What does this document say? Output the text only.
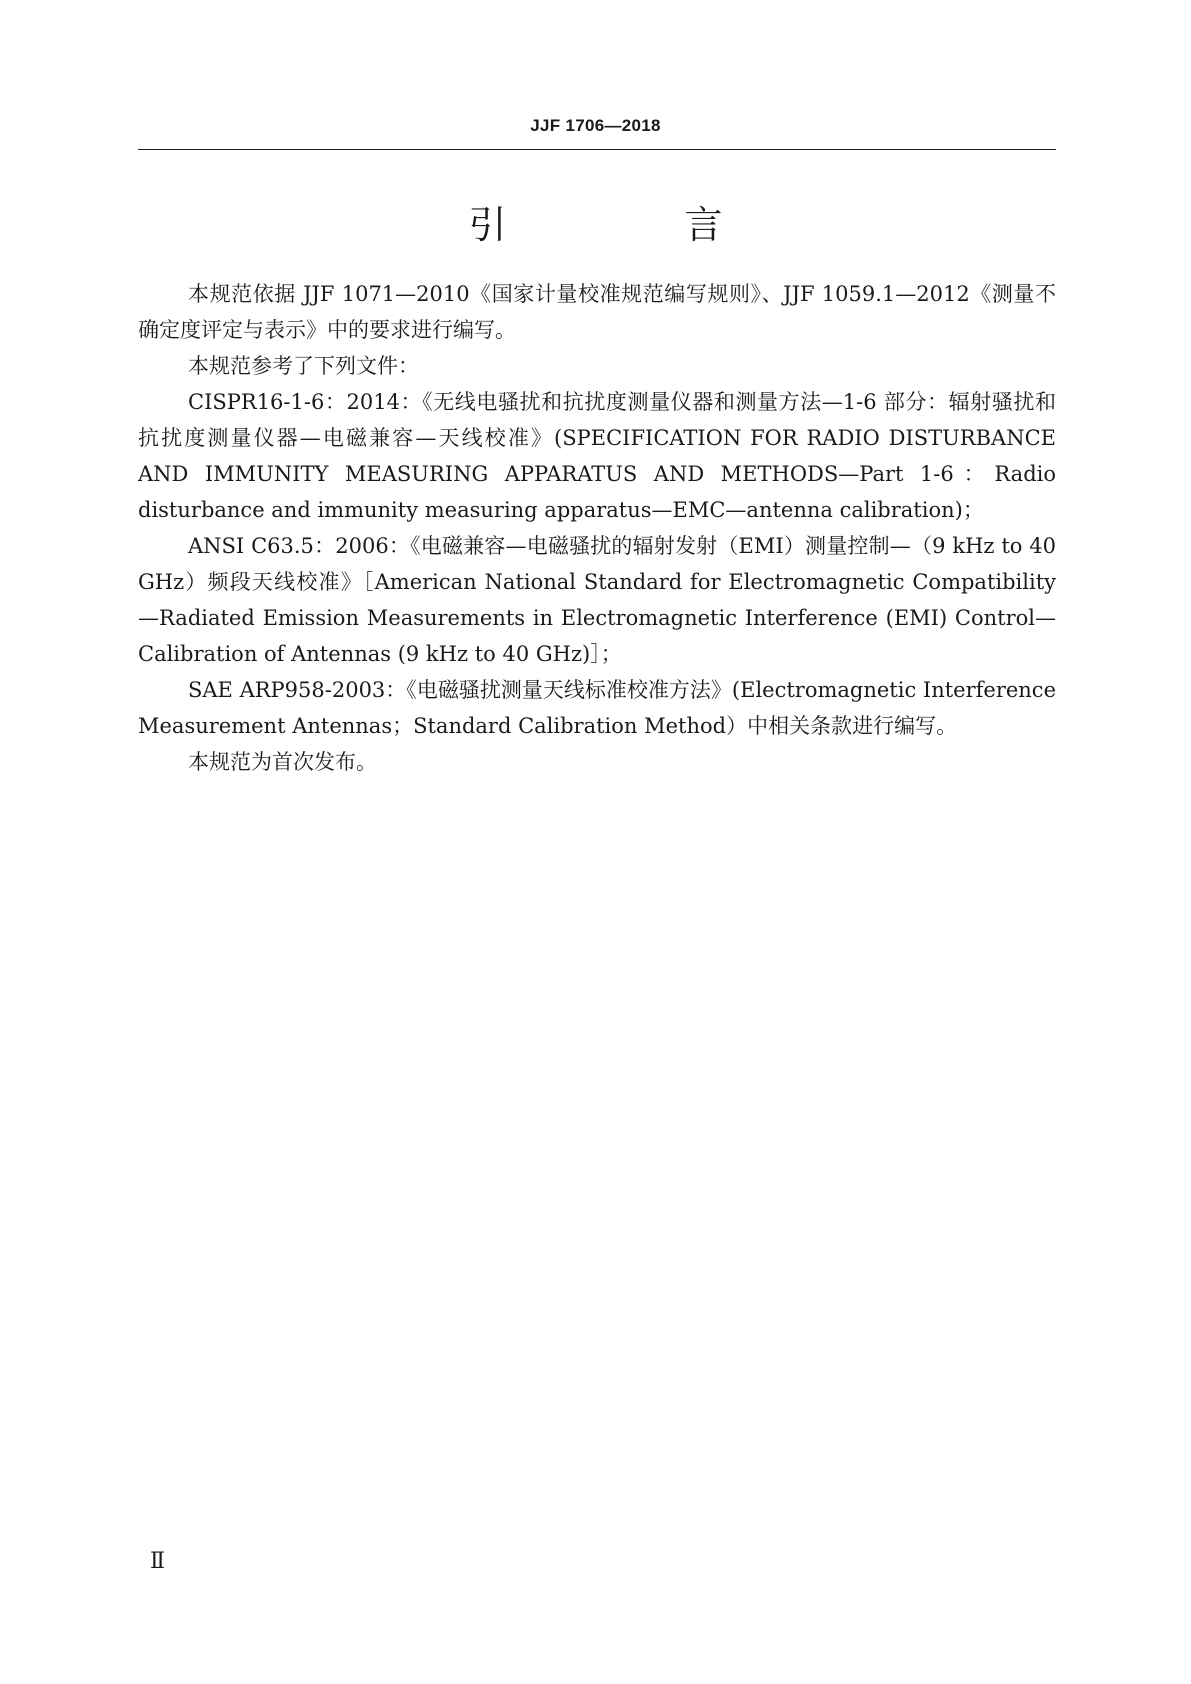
JJF 1706—2018
引　言

本规范依据 JJF 1071—2010《国家计量校准规范编写规则》、JJF 1059.1—2012《测量不确定度评定与表示》中的要求进行编写。

本规范参考了下列文件：

CISPR16-1-6：2014：《无线电骚扰和抗扰度测量仪器和测量方法—1-6 部分：辐射骚扰和抗扰度测量仪器—电磁兼容—天线校准》(SPECIFICATION FOR RADIO DISTURBANCE AND IMMUNITY MEASURING APPARATUS AND METHODS—Part 1-6：Radio disturbance and immunity measuring apparatus—EMC—antenna calibration)；

ANSI C63.5：2006：《电磁兼容—电磁骚扰的辐射发射（EMI）测量控制—（9 kHz to 40 GHz）频段天线校准》［American National Standard for Electromagnetic Compatibility—Radiated Emission Measurements in Electromagnetic Interference (EMI) Control—Calibration of Antennas (9 kHz to 40 GHz)］；

SAE ARP958-2003：《电磁骚扰测量天线标准校准方法》(Electromagnetic Interference Measurement Antennas；Standard Calibration Method）中相关条款进行编写。

本规范为首次发布。

Ⅱ
